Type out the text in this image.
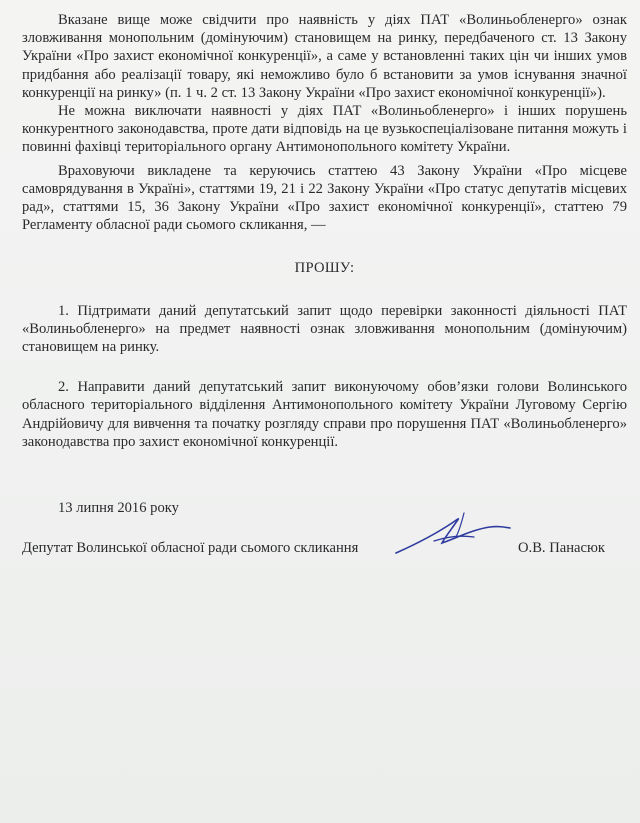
Вказане вище може свідчити про наявність у діях ПАТ «Волиньобленерго» ознак зловживання монопольним (домінуючим) становищем на ринку, передбаченого ст. 13 Закону України «Про захист економічної конкуренції», а саме у встановленні таких цін чи інших умов придбання або реалізації товару, які неможливо було б встановити за умов існування значної конкуренції на ринку» (п. 1 ч. 2 ст. 13 Закону України «Про захист економічної конкуренції»).

Не можна виключати наявності у діях ПАТ «Волиньобленерго» і інших порушень конкурентного законодавства, проте дати відповідь на це вузькоспеціалізоване питання можуть і повинні фахівці територіального органу Антимонопольного комітету України.

Враховуючи викладене та керуючись статтею 43 Закону України «Про місцеве самоврядування в Україні», статтями 19, 21 і 22 Закону України «Про статус депутатів місцевих рад», статтями 15, 36 Закону України «Про захист економічної конкуренції», статтею 79 Регламенту обласної ради сьомого скликання, —

ПРОШУ:

1. Підтримати даний депутатський запит щодо перевірки законності діяльності ПАТ «Волиньобленерго» на предмет наявності ознак зловживання монопольним (домінуючим) становищем на ринку.

2. Направити даний депутатський запит виконуючому обов’язки голови Волинського обласного територіального відділення Антимонопольного комітету України Луговому Сергію Андрійовичу для вивчення та початку розгляду справи про порушення ПАТ «Волиньобленерго» законодавства про захист економічної конкуренції.

13 липня 2016 року
Депутат Волинської обласної ради сьомого скликання	О.В. Панасюк
